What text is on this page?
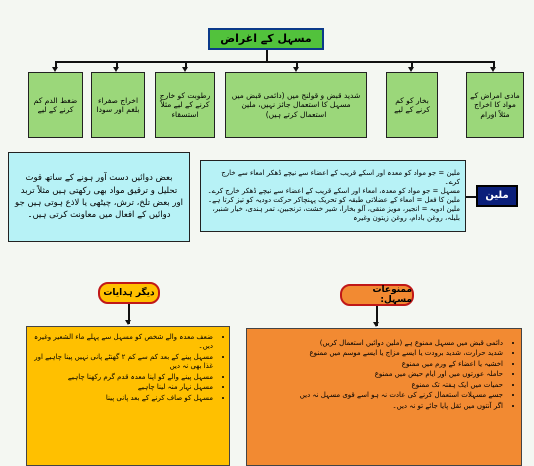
مسہل کے اغراض
مادی امراض کے مواد کا اخراج مثلاً اورام
بخار کو کم کرنے کے لیے
شدید قبض و قولنج میں (دائمی قبض میں مسہل کا استعمال جائز نہیں، ملین استعمال کرتے ہیں)
رطوبت کو خارج کرنے کے لیے مثلاً استسقاء
اخراج صفراء بلغم اور سودا
ضغط الدم کم کرنے کے لیے

ملین = جو مواد کو معدہ اور اسکے قریب کے اعضاء سے نیچے ڈھکر امعاء سے خارج کرے۔

مسہل = جو مواد کو معدہ، امعاء اور اسکے قریب کے اعضاء سے نیچے ڈھکر خارج کرے۔

ملین کا فعل = امعاء کے عضلاتی طبقہ کو تحریک پہنچاکر حرکت دودیہ کو تیز کرتا ہے۔

ملین ادویہ = انجیر، مویز منقی، آلو بخارا، شیر خشت، ترنجبین، تمر ہندی، خیار شنبر،

بلیلہ، روغن بادام، روغن زیتون وغیرہ

ملین
بعض دوائیں دست آور ہونے کے ساتھ قوت تحلیل و ترقیق مواد بھی رکھتی ہیں مثلاً تربد اور بعض تلخ، ترش، چیٹھی یا لاذع ہوتی ہیں جو دوائیں کے افعال میں معاونت کرتی ہیں۔
دیگر ہدایات
• ضعف معدہ والے شخص کو مسہل سے پہلے ماء الشعیر وغیرہ دیں۔
• مسہل پینے کے بعد کم سے کم ۲ گھنٹے پانی نہیں پینا چاہیے اور غذا بھی نہ دیں
• مسہل پینے والے کو اپنا معدہ قدم گرم رکھنا چاہیے
• مسہل نہار منہ لینا چاہیے
• مسہل کو صاف کرنے کے بعد پانی پینا
ممنوعات مسہل:
• دائمی قبض میں مسہل ممنوع ہے (ملین دوائیں استعمال کریں)
• شدید حرارت، شدید برودت یا ایسے مزاج یا ایسے موسم میں ممنوع
• اخشیہ یا اعضاء کے ورم میں ممنوع
• حاملہ عورتوں میں اور ایام حیض میں ممنوع
• حمیات میں ایک ہفتہ تک ممنوع
• جسے مسہلات استعمال کرنے کی عادت نہ ہو اسے قوی مسہل نہ دیں
• اگر آنتوں میں ثقل پایا جائے تو نہ دیں۔
